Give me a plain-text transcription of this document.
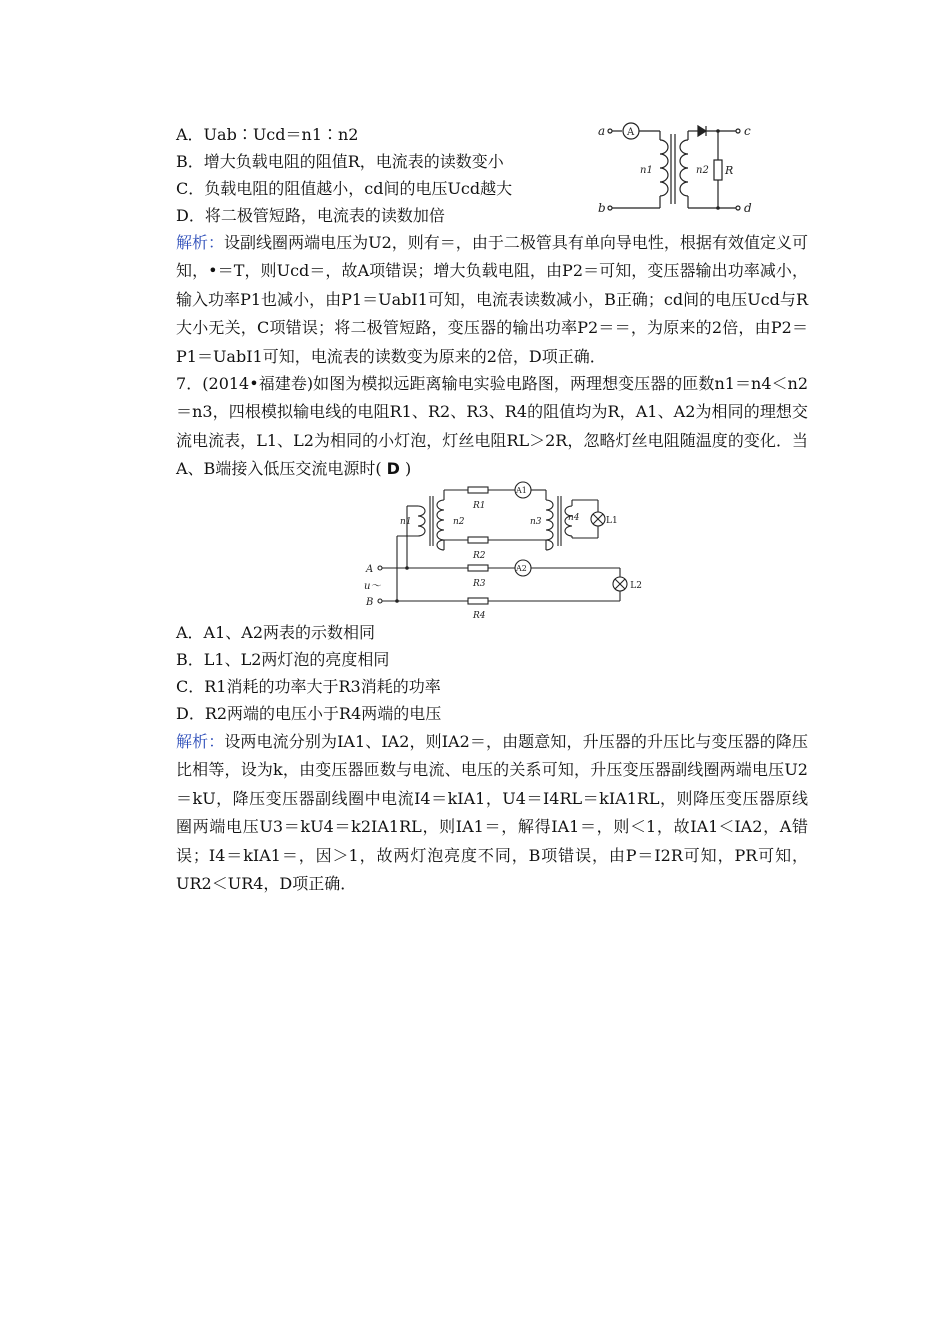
a
b
c
d
A
n1	n2 R
A．Uab∶Ucd＝n1∶n2
B．增大负载电阻的阻值R，电流表的读数变小
C．负载电阻的阻值越小，cd间的电压Ucd越大
D．将二极管短路，电流表的读数加倍
解析：设副线圈两端电压为U2，则有＝，由于二极管具有单向导电性，根据有效值定义可知，•＝T，则Ucd＝，故A项错误；增大负载电阻，由P2＝可知，变压器输出功率减小，输入功率P1也减小，由P1＝UabI1可知，电流表读数减小，B正确；cd间的电压Ucd与R大小无关，C项错误；将二极管短路，变压器的输出功率P2＝＝，为原来的2倍，由P2＝P1＝UabI1可知，电流表的读数变为原来的2倍，D项正确．
7．(2014•福建卷)如图为模拟远距离输电实验电路图，两理想变压器的匝数n1＝n4＜n2＝n3，四根模拟输电线的电阻R1、R2、R3、R4的阻值均为R，A1、A2为相同的理想交流电流表，L1、L2为相同的小灯泡，灯丝电阻RL＞2R，忽略灯丝电阻随温度的变化．当A、B端接入低压交流电源时( D )
n1	n2	n3	n4
R1
R2
R3
R4
A1
A2
L1
L2
A
B
u～
A．A1、A2两表的示数相同
B．L1、L2两灯泡的亮度相同
C．R1消耗的功率大于R3消耗的功率
D．R2两端的电压小于R4两端的电压
解析：设两电流分别为IA1、IA2，则IA2＝，由题意知，升压器的升压比与变压器的降压比相等，设为k，由变压器匝数与电流、电压的关系可知，升压变压器副线圈两端电压U2＝kU，降压变压器副线圈中电流I4＝kIA1，U4＝I4RL＝kIA1RL，则降压变压器原线圈两端电压U3＝kU4＝k2IA1RL，则IA1＝，解得IA1＝，则＜1，故IA1＜IA2，A错误；I4＝kIA1＝，因＞1，故两灯泡亮度不同，B项错误，由P＝I2R可知，PR可知，UR2＜UR4，D项正确．
